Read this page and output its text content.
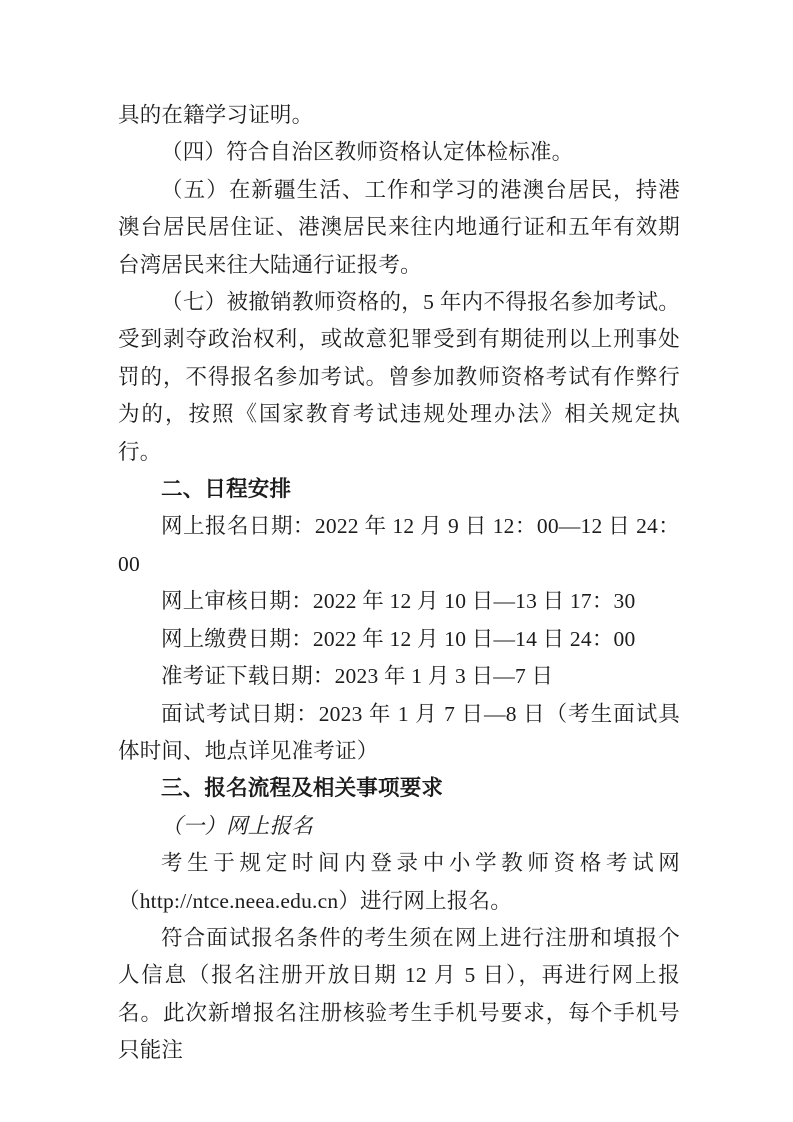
具的在籍学习证明。

（四）符合自治区教师资格认定体检标准。

（五）在新疆生活、工作和学习的港澳台居民，持港澳台居民居住证、港澳居民来往内地通行证和五年有效期台湾居民来往大陆通行证报考。

（七）被撤销教师资格的，5 年内不得报名参加考试。受到剥夺政治权利，或故意犯罪受到有期徒刑以上刑事处罚的，不得报名参加考试。曾参加教师资格考试有作弊行为的，按照《国家教育考试违规处理办法》相关规定执行。

二、日程安排

网上报名日期：2022 年 12 月 9 日 12：00—12 日 24：00

网上审核日期：2022 年 12 月 10 日—13 日 17：30

网上缴费日期：2022 年 12 月 10 日—14 日 24：00

准考证下载日期：2023 年 1 月 3 日—7 日

面试考试日期：2023 年 1 月 7 日—8 日（考生面试具体时间、地点详见准考证）

三、报名流程及相关事项要求

（一）网上报名

考生于规定时间内登录中小学教师资格考试网（http://ntce.neea.edu.cn）进行网上报名。

符合面试报名条件的考生须在网上进行注册和填报个人信息（报名注册开放日期 12 月 5 日），再进行网上报名。此次新增报名注册核验考生手机号要求，每个手机号只能注
